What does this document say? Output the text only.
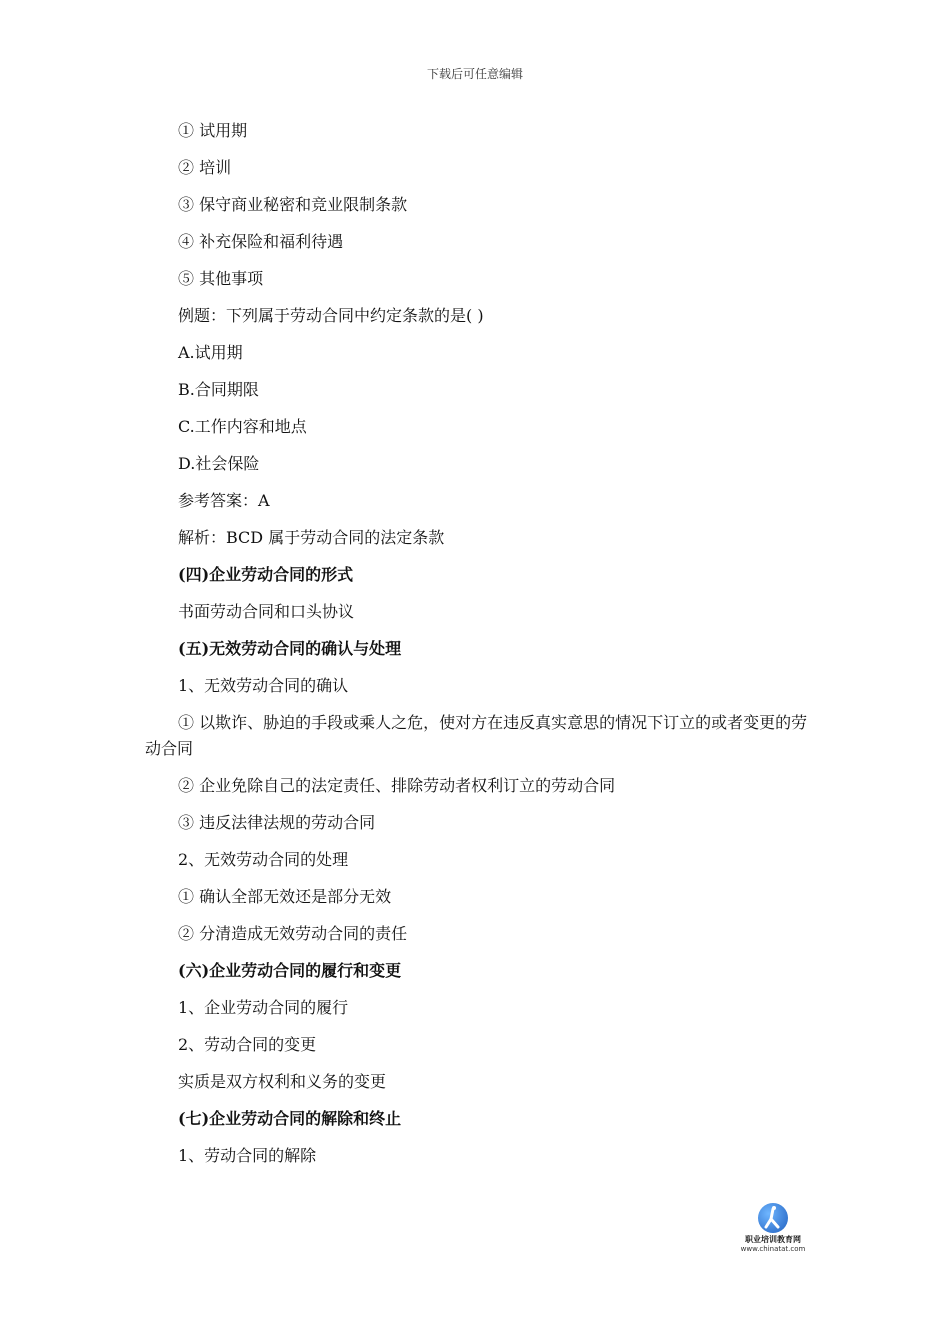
下载后可任意编辑

① 试用期

② 培训

③ 保守商业秘密和竞业限制条款

④ 补充保险和福利待遇

⑤ 其他事项

例题：下列属于劳动合同中约定条款的是( )

A.试用期

B.合同期限

C.工作内容和地点

D.社会保险

参考答案：A

解析：BCD 属于劳动合同的法定条款

(四)企业劳动合同的形式

书面劳动合同和口头协议

(五)无效劳动合同的确认与处理

1、无效劳动合同的确认

① 以欺诈、胁迫的手段或乘人之危，使对方在违反真实意思的情况下订立的或者变更的劳动合同

② 企业免除自己的法定责任、排除劳动者权利订立的劳动合同

③ 违反法律法规的劳动合同

2、无效劳动合同的处理

① 确认全部无效还是部分无效

② 分清造成无效劳动合同的责任

(六)企业劳动合同的履行和变更

1、企业劳动合同的履行

2、劳动合同的变更

实质是双方权利和义务的变更

(七)企业劳动合同的解除和终止

1、劳动合同的解除

职业培训教育网
www.chinatat.com
